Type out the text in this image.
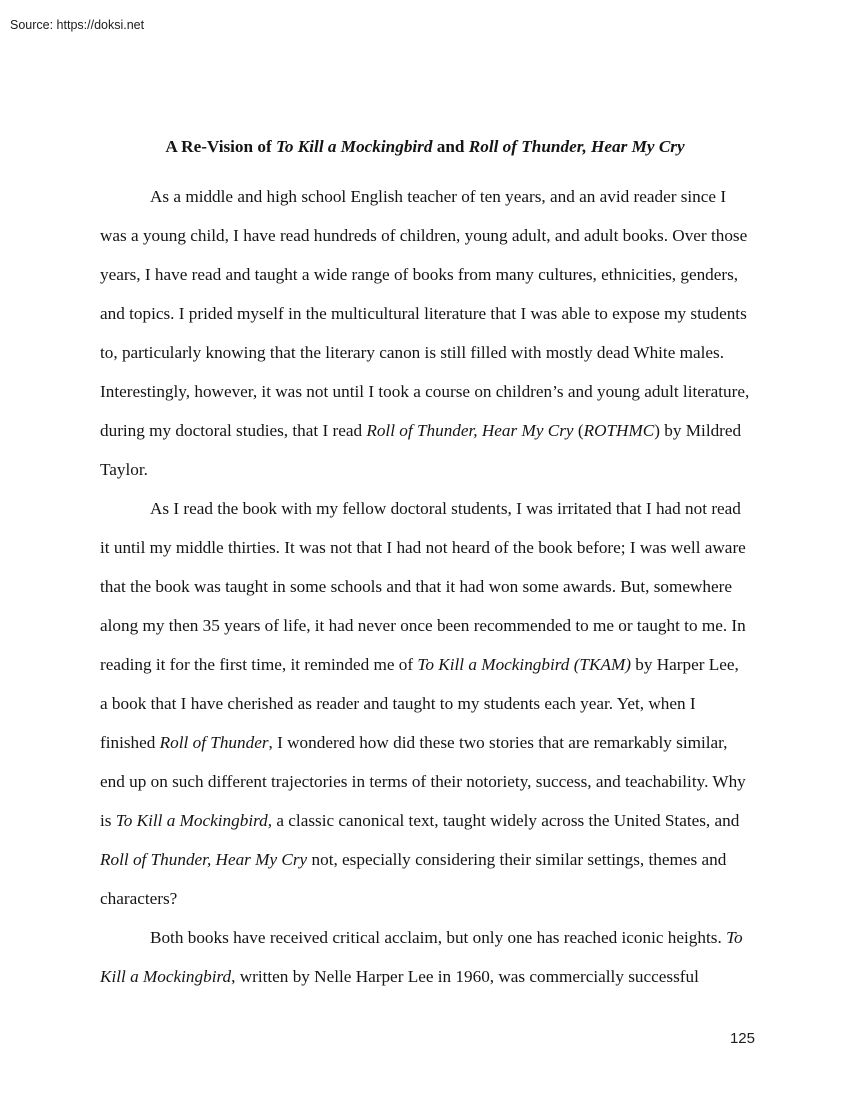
Source: https://doksi.net
A Re-Vision of To Kill a Mockingbird and Roll of Thunder, Hear My Cry

As a middle and high school English teacher of ten years, and an avid reader since I was a young child, I have read hundreds of children, young adult, and adult books. Over those years, I have read and taught a wide range of books from many cultures, ethnicities, genders, and topics. I prided myself in the multicultural literature that I was able to expose my students to, particularly knowing that the literary canon is still filled with mostly dead White males. Interestingly, however, it was not until I took a course on children’s and young adult literature, during my doctoral studies, that I read Roll of Thunder, Hear My Cry (ROTHMC) by Mildred Taylor.

As I read the book with my fellow doctoral students, I was irritated that I had not read it until my middle thirties. It was not that I had not heard of the book before; I was well aware that the book was taught in some schools and that it had won some awards. But, somewhere along my then 35 years of life, it had never once been recommended to me or taught to me. In reading it for the first time, it reminded me of To Kill a Mockingbird (TKAM) by Harper Lee, a book that I have cherished as reader and taught to my students each year. Yet, when I finished Roll of Thunder, I wondered how did these two stories that are remarkably similar, end up on such different trajectories in terms of their notoriety, success, and teachability. Why is To Kill a Mockingbird, a classic canonical text, taught widely across the United States, and Roll of Thunder, Hear My Cry not, especially considering their similar settings, themes and characters?

Both books have received critical acclaim, but only one has reached iconic heights. To Kill a Mockingbird, written by Nelle Harper Lee in 1960, was commercially successful

125
